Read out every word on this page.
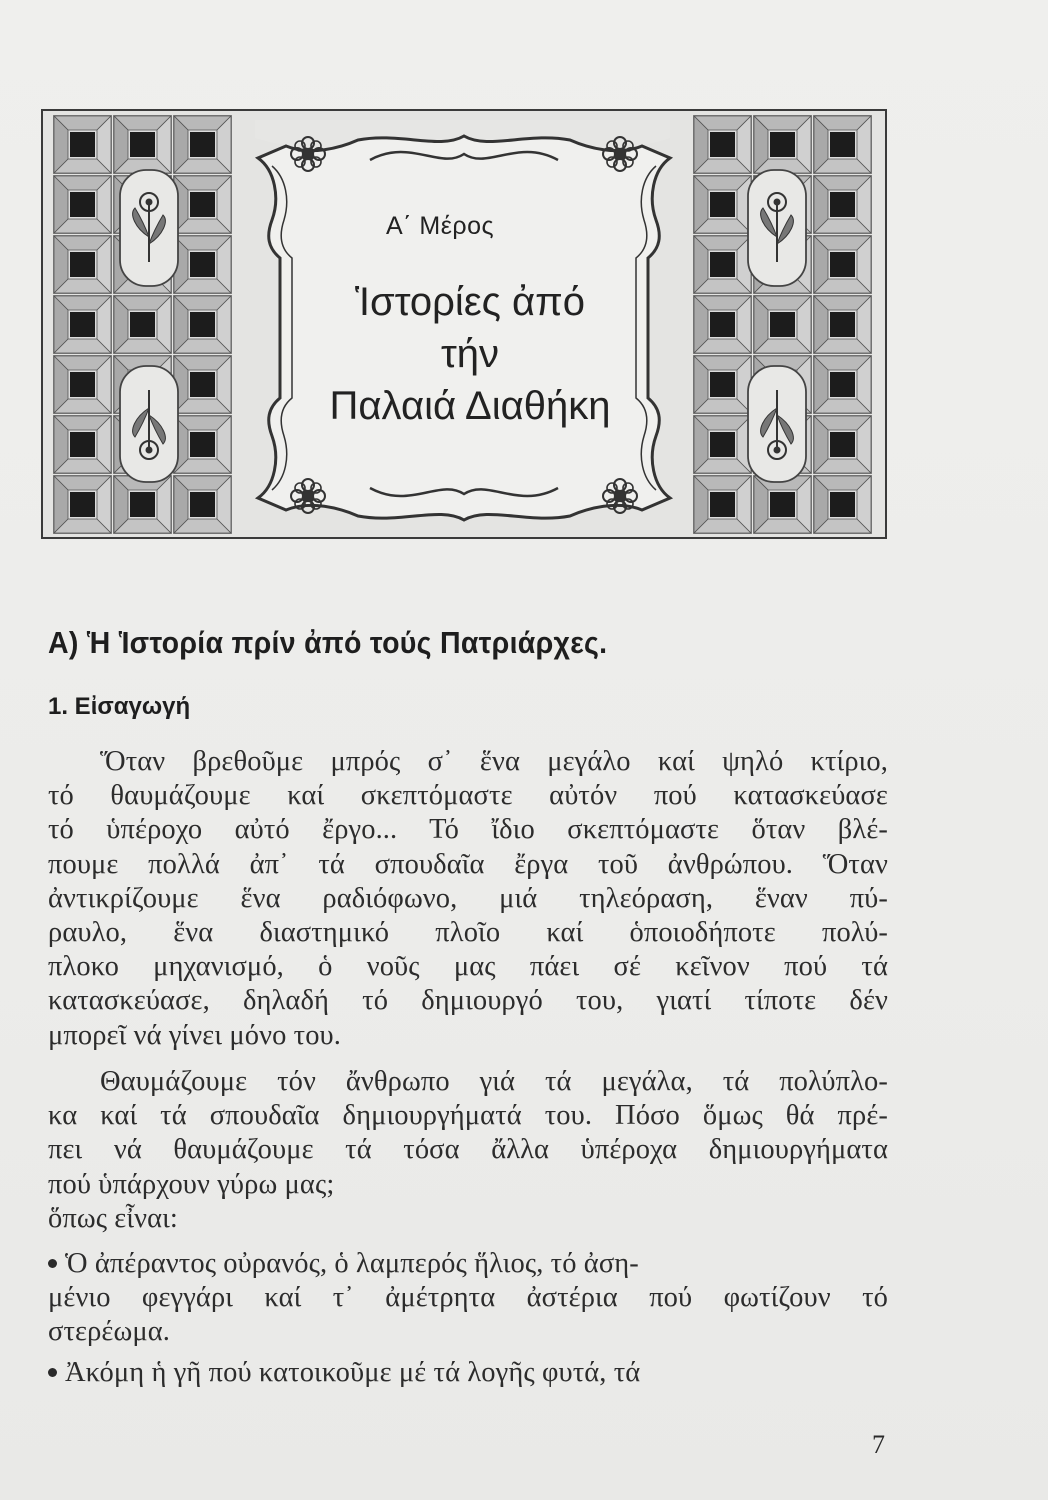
Α΄ Μέρος
Ἱστορίες ἀπό
τήν
Παλαιά Διαθήκη
Α) Ἡ Ἱστορία πρίν ἀπό τούς Πατριάρχες.
1. Εἰσαγωγή
Ὅταν βρεθοῦμε μπρός σ᾽ ἕνα μεγάλο καί ψηλό κτίριο,
τό θαυμάζουμε καί σκεπτόμαστε αὐτόν πού κατασκεύασε
τό ὑπέροχο αὐτό ἔργο... Τό ἴδιο σκεπτόμαστε ὅταν βλέ-
πουμε πολλά ἀπ᾽ τά σπουδαῖα ἔργα τοῦ ἀνθρώπου. Ὅταν
ἀντικρίζουμε ἕνα ραδιόφωνο, μιά τηλεόραση, ἕναν πύ-
ραυλο, ἕνα διαστημικό πλοῖο καί ὁποιοδήποτε πολύ-
πλοκο μηχανισμό, ὁ νοῦς μας πάει σέ κεῖνον πού τά
κατασκεύασε, δηλαδή τό δημιουργό του, γιατί τίποτε δέν
μπορεῖ νά γίνει μόνο του.
Θαυμάζουμε τόν ἄνθρωπο γιά τά μεγάλα, τά πολύπλο-
κα καί τά σπουδαῖα δημιουργήματά του. Πόσο ὅμως θά πρέ-
πει νά θαυμάζουμε τά τόσα ἄλλα ὑπέροχα δημιουργήματα
πού ὑπάρχουν γύρω μας;
ὅπως εἶναι:
Ὁ ἀπέραντος οὐρανός, ὁ λαμπερός ἥλιος, τό ἀση-
μένιο φεγγάρι καί τ᾽ ἀμέτρητα ἀστέρια πού φωτίζουν τό
στερέωμα.
Ἀκόμη ἡ γῆ πού κατοικοῦμε μέ τά λογῆς φυτά, τά
7
